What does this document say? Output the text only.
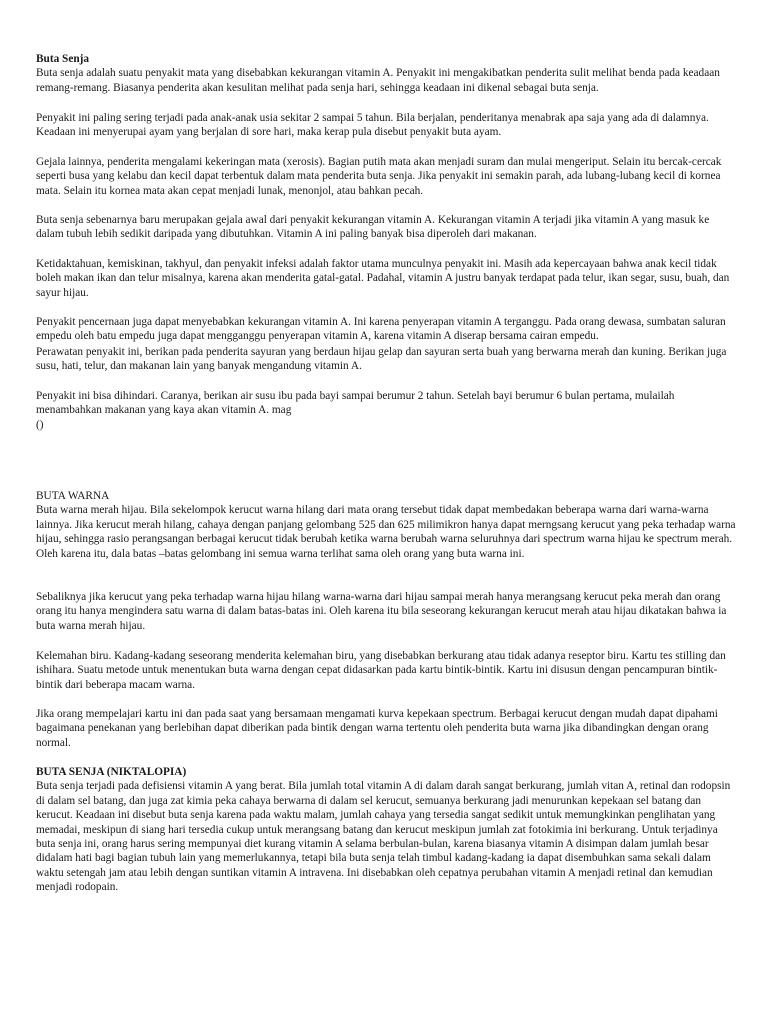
Buta Senja

Buta senja adalah suatu penyakit mata yang disebabkan kekurangan vitamin A. Penyakit ini mengakibatkan penderita sulit melihat benda pada keadaan remang-remang. Biasanya penderita akan kesulitan melihat pada senja hari, sehingga keadaan ini dikenal sebagai buta senja.

Penyakit ini paling sering terjadi pada anak-anak usia sekitar 2 sampai 5 tahun. Bila berjalan, penderitanya menabrak apa saja yang ada di dalamnya. Keadaan ini menyerupai ayam yang berjalan di sore hari, maka kerap pula disebut penyakit buta ayam.

Gejala lainnya, penderita mengalami kekeringan mata (xerosis). Bagian putih mata akan menjadi suram dan mulai mengeriput. Selain itu bercak-cercak seperti busa yang kelabu dan kecil dapat terbentuk dalam mata penderita buta senja. Jika penyakit ini semakin parah, ada lubang-lubang kecil di kornea mata. Selain itu kornea mata akan cepat menjadi lunak, menonjol, atau bahkan pecah.

Buta senja sebenarnya baru merupakan gejala awal dari penyakit kekurangan vitamin A. Kekurangan vitamin A terjadi jika vitamin A yang masuk ke dalam tubuh lebih sedikit daripada yang dibutuhkan. Vitamin A ini paling banyak bisa diperoleh dari makanan.

Ketidaktahuan, kemiskinan, takhyul, dan penyakit infeksi adalah faktor utama munculnya penyakit ini. Masih ada kepercayaan bahwa anak kecil tidak boleh makan ikan dan telur misalnya, karena akan menderita gatal-gatal. Padahal, vitamin A justru banyak terdapat pada telur, ikan segar, susu, buah, dan sayur hijau.

Penyakit pencernaan juga dapat menyebabkan kekurangan vitamin A. Ini karena penyerapan vitamin A terganggu. Pada orang dewasa, sumbatan saluran empedu oleh batu empedu juga dapat mengganggu penyerapan vitamin A, karena vitamin A diserap bersama cairan empedu.

Perawatan penyakit ini, berikan pada penderita sayuran yang berdaun hijau gelap dan sayuran serta buah yang berwarna merah dan kuning. Berikan juga susu, hati, telur, dan makanan lain yang banyak mengandung vitamin A.

Penyakit ini bisa dihindari. Caranya, berikan air susu ibu pada bayi sampai berumur 2 tahun. Setelah bayi berumur 6 bulan pertama, mulailah menambahkan makanan yang kaya akan vitamin A. mag

()

BUTA WARNA

Buta warna merah hijau. Bila sekelompok kerucut warna hilang dari mata orang tersebut tidak dapat membedakan beberapa warna dari warna-warna lainnya. Jika kerucut merah hilang, cahaya dengan panjang gelombang 525 dan 625 milimikron hanya dapat merngsang kerucut yang peka terhadap warna hijau, sehingga rasio perangsangan berbagai kerucut tidak berubah ketika warna berubah warna seluruhnya dari spectrum warna hijau ke spectrum merah. Oleh karena itu, dala batas –batas gelombang ini semua warna terlihat sama oleh orang yang buta warna ini.

Sebaliknya jika kerucut yang peka terhadap warna hijau hilang warna-warna dari hijau sampai merah hanya merangsang kerucut peka merah dan orang orang itu hanya mengindera satu warna di dalam batas-batas ini. Oleh karena itu bila seseorang kekurangan kerucut merah atau hijau dikatakan bahwa ia buta warna merah hijau.

Kelemahan biru. Kadang-kadang seseorang menderita kelemahan biru, yang disebabkan berkurang atau tidak adanya reseptor biru. Kartu tes stilling dan ishihara. Suatu metode untuk menentukan buta warna dengan cepat didasarkan pada kartu bintik-bintik. Kartu ini disusun dengan pencampuran bintik-bintik dari beberapa macam warna.

Jika orang mempelajari kartu ini dan pada saat yang bersamaan mengamati kurva kepekaan spectrum. Berbagai kerucut dengan mudah dapat dipahami bagaimana penekanan yang berlebihan dapat diberikan pada bintik dengan warna tertentu oleh penderita buta warna jika dibandingkan dengan orang normal.

BUTA SENJA (NIKTALOPIA)

Buta senja terjadi pada defisiensi vitamin A yang berat. Bila jumlah total vitamin A di dalam darah sangat berkurang, jumlah vitan A, retinal dan rodopsin di dalam sel batang, dan juga zat kimia peka cahaya berwarna di dalam sel kerucut, semuanya berkurang jadi menurunkan kepekaan sel batang dan kerucut. Keadaan ini disebut buta senja karena pada waktu malam, jumlah cahaya yang tersedia sangat sedikit untuk memungkinkan penglihatan yang memadai, meskipun di siang hari tersedia cukup untuk merangsang batang dan kerucut meskipun jumlah zat fotokimia ini berkurang. Untuk terjadinya buta senja ini, orang harus sering mempunyai diet kurang vitamin A selama berbulan-bulan, karena biasanya vitamin A disimpan dalam jumlah besar didalam hati bagi bagian tubuh lain yang memerlukannya, tetapi bila buta senja telah timbul kadang-kadang ia dapat disembuhkan sama sekali dalam waktu setengah jam atau lebih dengan suntikan vitamin A intravena. Ini disebabkan oleh cepatnya perubahan vitamin A menjadi retinal dan kemudian menjadi rodopain.
